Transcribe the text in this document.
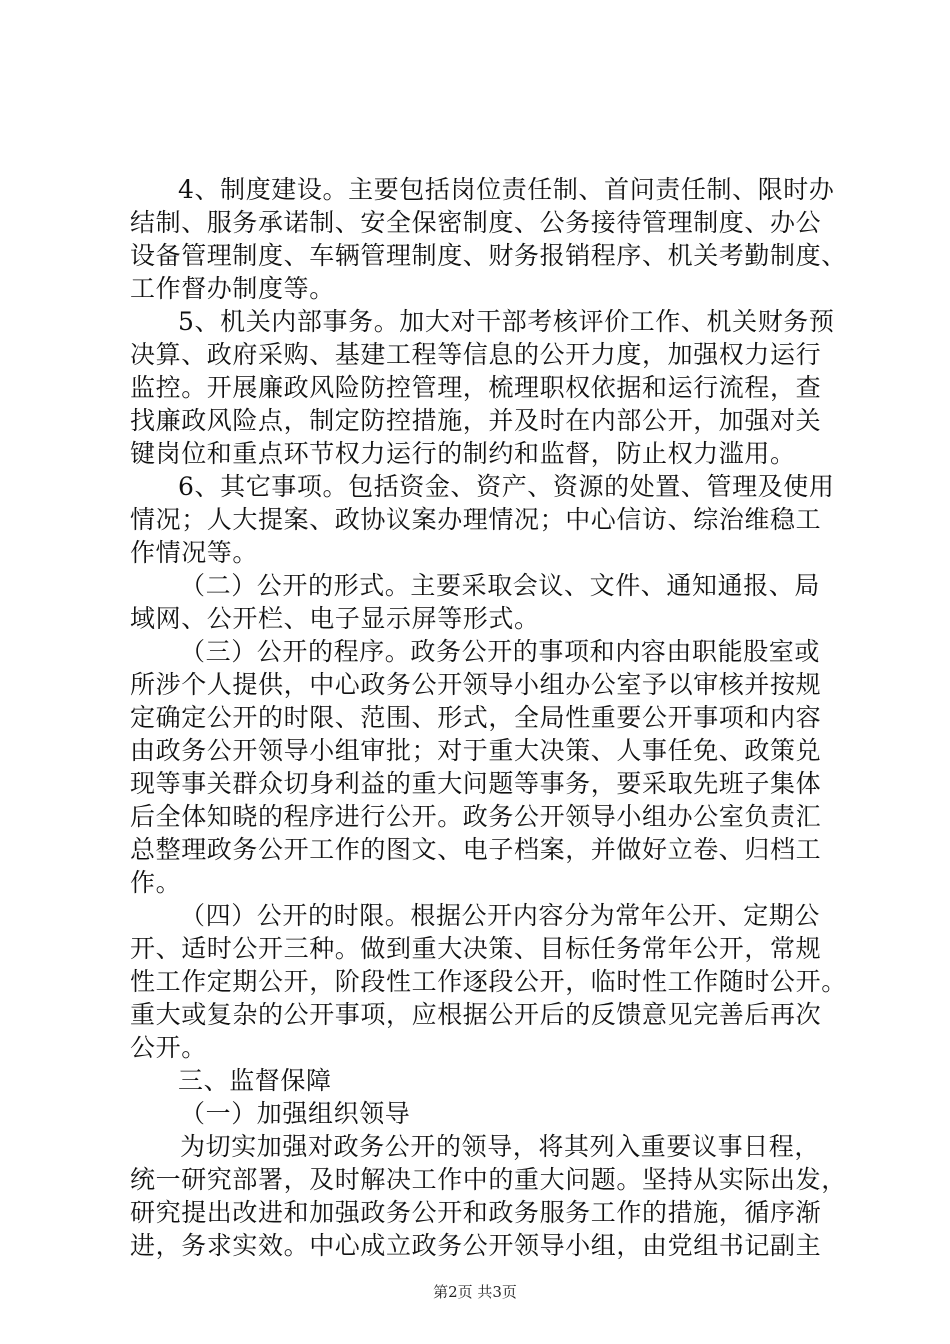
4、制度建设。主要包括岗位责任制、首问责任制、限时办
结制、服务承诺制、安全保密制度、公务接待管理制度、办公
设备管理制度、车辆管理制度、财务报销程序、机关考勤制度、
工作督办制度等。
5、机关内部事务。加大对干部考核评价工作、机关财务预
决算、政府采购、基建工程等信息的公开力度，加强权力运行
监控。开展廉政风险防控管理，梳理职权依据和运行流程，查
找廉政风险点，制定防控措施，并及时在内部公开，加强对关
键岗位和重点环节权力运行的制约和监督，防止权力滥用。
6、其它事项。包括资金、资产、资源的处置、管理及使用
情况；人大提案、政协议案办理情况；中心信访、综治维稳工
作情况等。
（二）公开的形式。主要采取会议、文件、通知通报、局
域网、公开栏、电子显示屏等形式。
（三）公开的程序。政务公开的事项和内容由职能股室或
所涉个人提供，中心政务公开领导小组办公室予以审核并按规
定确定公开的时限、范围、形式，全局性重要公开事项和内容
由政务公开领导小组审批；对于重大决策、人事任免、政策兑
现等事关群众切身利益的重大问题等事务，要采取先班子集体
后全体知晓的程序进行公开。政务公开领导小组办公室负责汇
总整理政务公开工作的图文、电子档案，并做好立卷、归档工
作。
（四）公开的时限。根据公开内容分为常年公开、定期公
开、适时公开三种。做到重大决策、目标任务常年公开，常规
性工作定期公开，阶段性工作逐段公开，临时性工作随时公开。
重大或复杂的公开事项，应根据公开后的反馈意见完善后再次
公开。
三、监督保障
（一）加强组织领导
为切实加强对政务公开的领导，将其列入重要议事日程，
统一研究部署，及时解决工作中的重大问题。坚持从实际出发，
研究提出改进和加强政务公开和政务服务工作的措施，循序渐
进，务求实效。中心成立政务公开领导小组，由党组书记副主
第2页 共3页
